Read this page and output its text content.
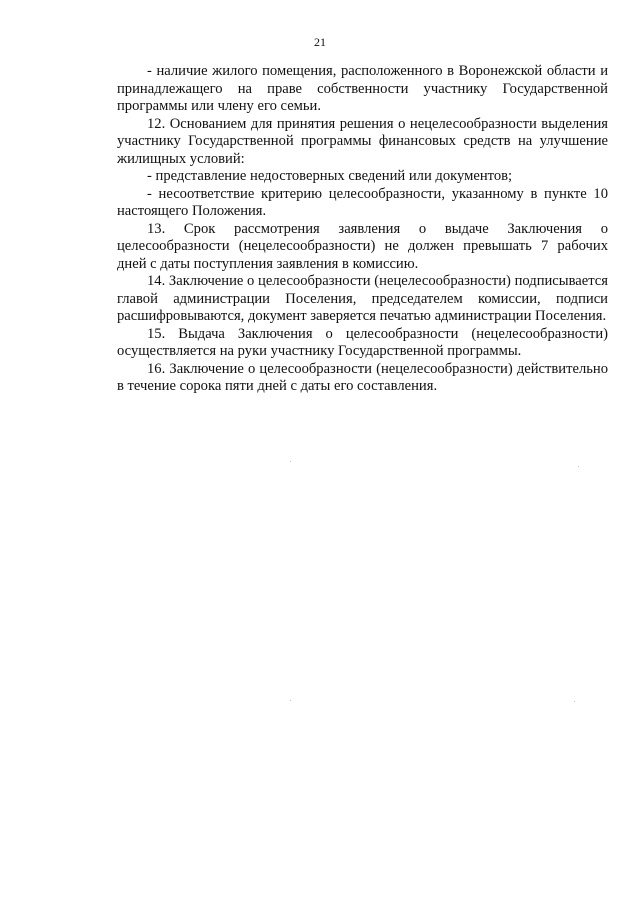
21

- наличие жилого помещения, расположенного в Воронежской области и принадлежащего на праве собственности участнику Государственной программы или члену его семьи.

12. Основанием для принятия решения о нецелесообразности выделения участнику Государственной программы финансовых средств на улучшение жилищных условий:

- представление недостоверных сведений или документов;

- несоответствие критерию целесообразности, указанному в пункте 10 настоящего Положения.

13. Срок рассмотрения заявления о выдаче Заключения о целесообразности (нецелесообразности) не должен превышать 7 рабочих дней с даты поступления заявления в комиссию.

14. Заключение о целесообразности (нецелесообразности) подписывается главой администрации Поселения, председателем комиссии, подписи расшифровываются, документ заверяется печатью администрации Поселения.

15. Выдача Заключения о целесообразности (нецелесообразности) осуществляется на руки участнику Государственной программы.

16. Заключение о целесообразности (нецелесообразности) действительно в течение сорока пяти дней с даты его составления.
